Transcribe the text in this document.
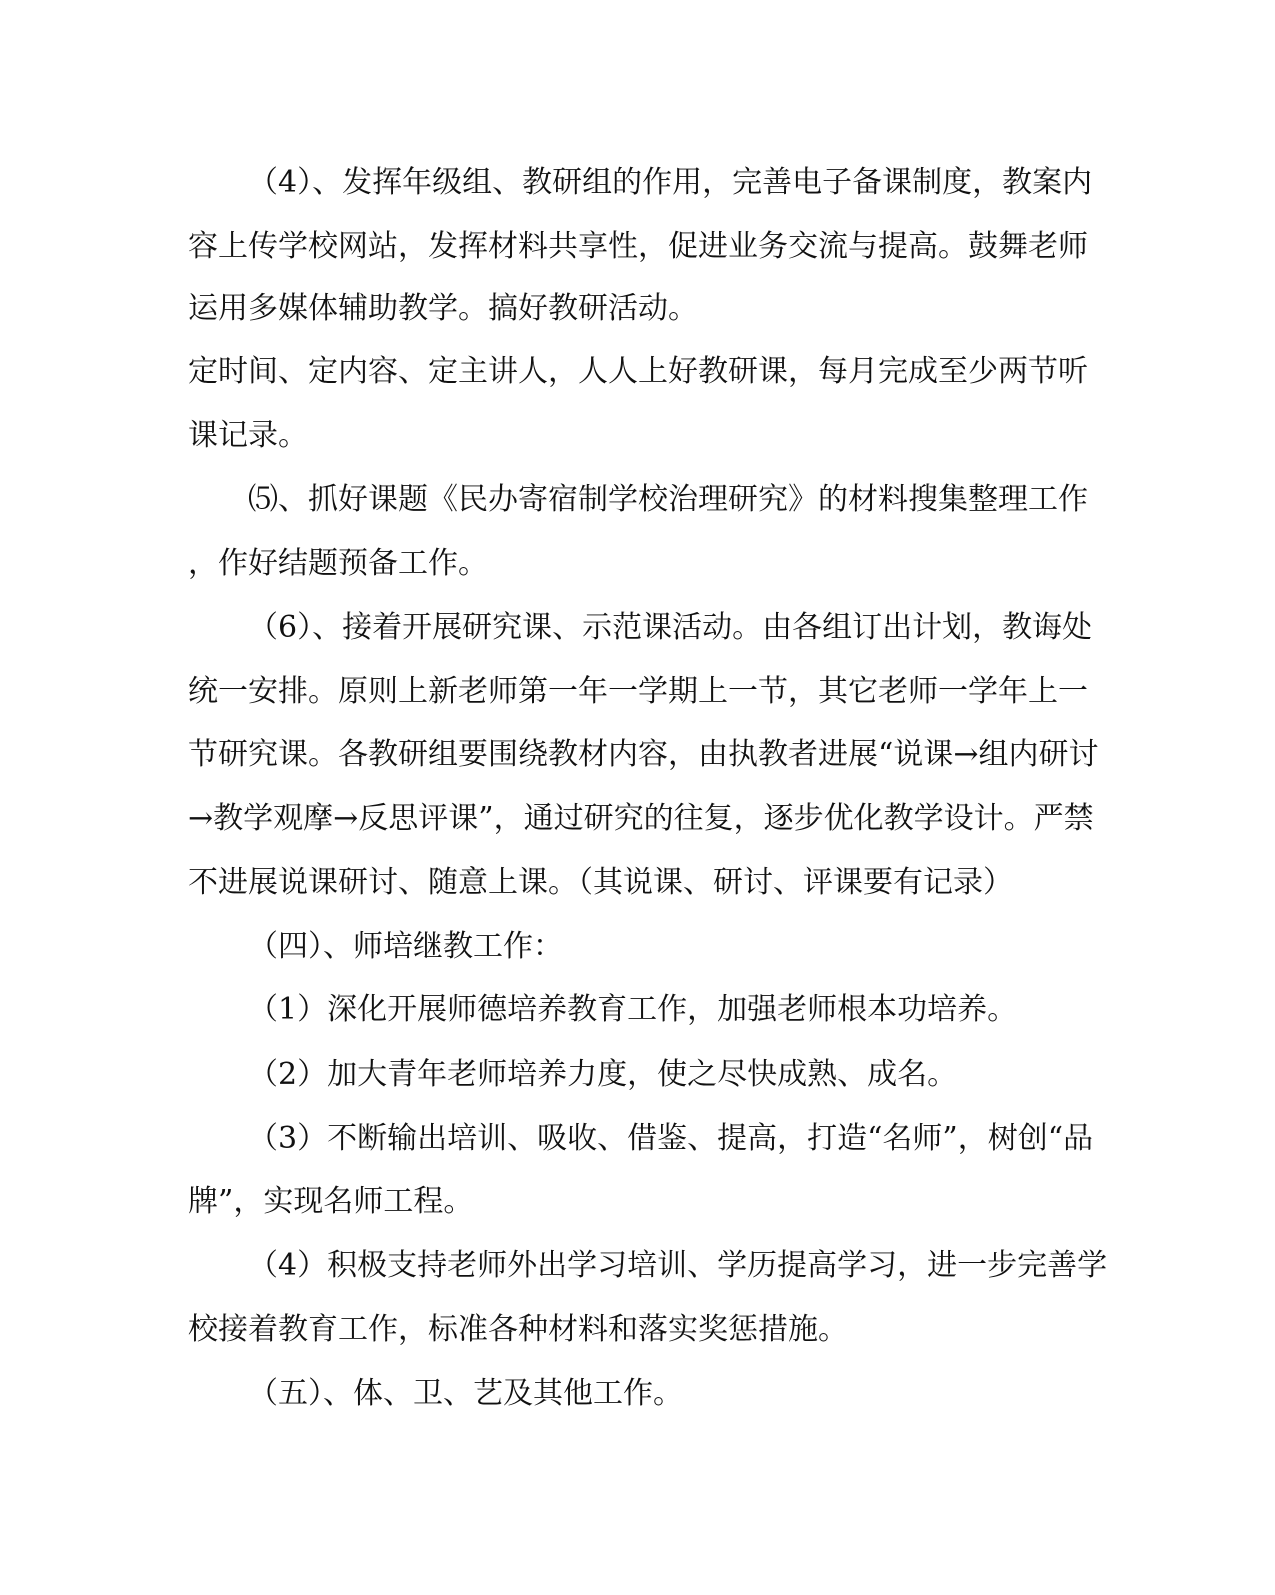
（4）、发挥年级组、教研组的作用，完善电子备课制度，教案内
容上传学校网站，发挥材料共享性，促进业务交流与提高。鼓舞老师
运用多媒体辅助教学。搞好教研活动。
定时间、定内容、定主讲人，人人上好教研课，每月完成至少两节听
课记录。
⑸、抓好课题《民办寄宿制学校治理研究》的材料搜集整理工作
，作好结题预备工作。
（6）、接着开展研究课、示范课活动。由各组订出计划，教诲处
统一安排。原则上新老师第一年一学期上一节，其它老师一学年上一
节研究课。各教研组要围绕教材内容，由执教者进展“说课→组内研讨
→教学观摩→反思评课”，通过研究的往复，逐步优化教学设计。严禁
不进展说课研讨、随意上课。（其说课、研讨、评课要有记录）
（四）、师培继教工作：
（1）深化开展师德培养教育工作，加强老师根本功培养。
（2）加大青年老师培养力度，使之尽快成熟、成名。
（3）不断输出培训、吸收、借鉴、提高，打造“名师”，树创“品
牌”，实现名师工程。
（4）积极支持老师外出学习培训、学历提高学习，进一步完善学
校接着教育工作，标准各种材料和落实奖惩措施。
（五）、体、卫、艺及其他工作。
